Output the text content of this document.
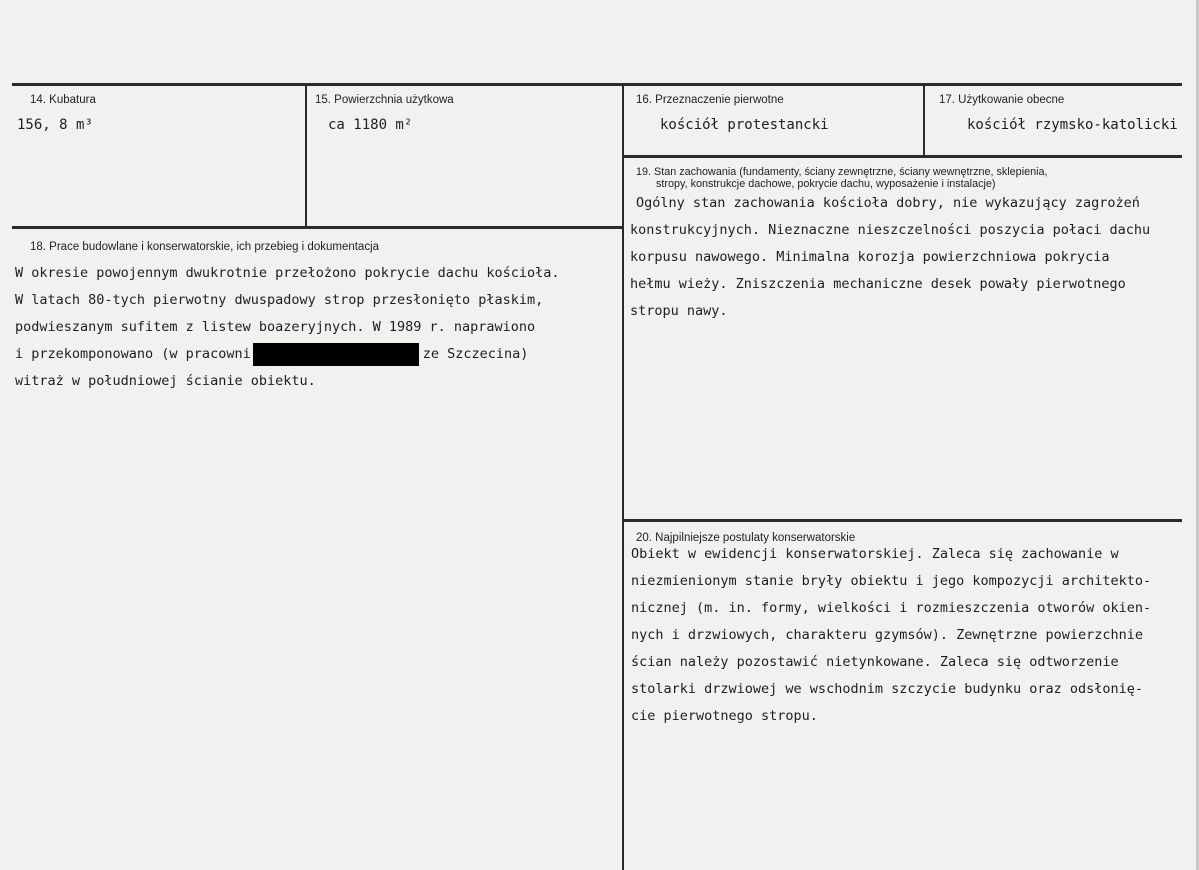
14. Kubatura
156, 8 m³
15. Powierzchnia użytkowa
ca 1180 m²
16. Przeznaczenie pierwotne
kościół protestancki
17. Użytkowanie obecne
kościół rzymsko-katolicki
18. Prace budowlane i konserwatorskie, ich przebieg i dokumentacja
W okresie powojennym dwukrotnie przełożono pokrycie dachu kościoła.
W latach 80-tych pierwotny dwuspadowy strop przesłonięto płaskim,
podwieszanym sufitem z listew boazeryjnych. W 1989 r. naprawiono
i przekomponowano (w pracowni	ze Szczecina)
witraż w południowej ścianie obiektu.
19. Stan zachowania (fundamenty, ściany zewnętrzne, ściany wewnętrzne, sklepienia,
stropy, konstrukcje dachowe, pokrycie dachu, wyposażenie i instalacje)
Ogólny stan zachowania kościoła dobry, nie wykazujący zagrożeń
konstrukcyjnych. Nieznaczne nieszczelności poszycia połaci dachu
korpusu nawowego. Minimalna korozja powierzchniowa pokrycia
hełmu wieży. Zniszczenia mechaniczne desek powały pierwotnego
stropu nawy.
20. Najpilniejsze postulaty konserwatorskie
Obiekt w ewidencji konserwatorskiej. Zaleca się zachowanie w
niezmienionym stanie bryły obiektu i jego kompozycji architekto-
nicznej (m. in. formy, wielkości i rozmieszczenia otworów okien-
nych i drzwiowych, charakteru gzymsów). Zewnętrzne powierzchnie
ścian należy pozostawić nietynkowane. Zaleca się odtworzenie
stolarki drzwiowej we wschodnim szczycie budynku oraz odsłonię-
cie pierwotnego stropu.
